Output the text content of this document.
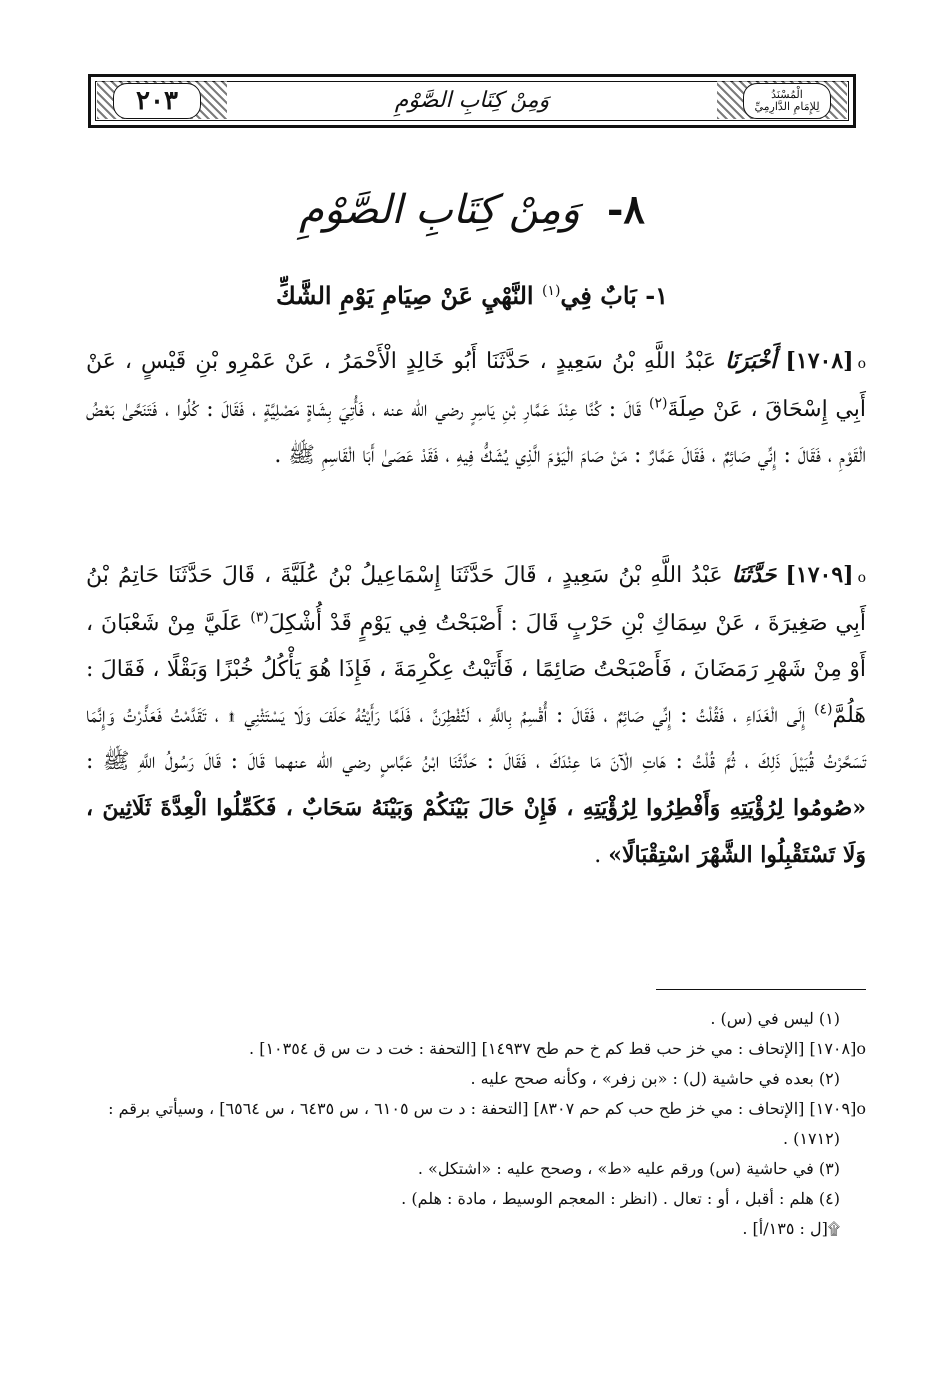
٢٠٣	الْمُسْنَدُ
لِلإِمَامِ الدَّارِمِيِّ
وَمِنْ كِتَابِ الصَّوْمِ
٨- وَمِنْ كِتَابِ الصَّوْمِ
١- بَابٌ فِي$^{(١)}$ النَّهْيِ عَنْ صِيَامِ يَوْمِ الشَّكِّ
o[١٧٠٨] أَخْبَرَنَا عَبْدُ اللَّهِ بْنُ سَعِيدٍ ، حَدَّثَنَا أَبُو خَالِدٍ الْأَحْمَرُ ، عَنْ عَمْرِو بْنِ قَيْسٍ ، عَنْ أَبِي إِسْحَاقَ ، عَنْ صِلَةَ$^{(٢)}$ قَالَ : كُنَّا عِنْدَ عَمَّارِ بْنِ يَاسِرٍ رضي الله عنه ، فَأُتِيَ بِشَاةٍ مَصْلِيَّةٍ ، فَقَالَ : كُلُوا ، فَتَنَحَّىٰ بَعْضُ الْقَوْمِ ، فَقَالَ : إِنِّي صَائِمٌ ، فَقَالَ عَمَّارٌ : مَنْ صَامَ الْيَوْمَ الَّذِي يُشَكُّ فِيهِ ، فَقَدْ عَصَىٰ أَبَا الْقَاسِمِ ﷺ .
o[١٧٠٩] حَدَّثَنَا عَبْدُ اللَّهِ بْنُ سَعِيدٍ ، قَالَ حَدَّثَنَا إِسْمَاعِيلُ بْنُ عُلَيَّةَ ، قَالَ حَدَّثَنَا حَاتِمُ بْنُ أَبِي صَغِيرَةَ ، عَنْ سِمَاكِ بْنِ حَرْبٍ قَالَ : أَصْبَحْتُ فِي يَوْمٍ قَدْ أُشْكِلَ$^{(٣)}$ عَلَيَّ مِنْ شَعْبَانَ ، أَوْ مِنْ شَهْرِ رَمَضَانَ ، فَأَصْبَحْتُ صَائِمًا ، فَأَتَيْتُ عِكْرِمَةَ ، فَإِذَا هُوَ يَأْكُلُ خُبْزًا وَبَقْلًا ، فَقَالَ : هَلُمَّ$^{(٤)}$ إِلَى الْغَدَاءِ ، فَقُلْتُ : إِنِّي صَائِمٌ ، فَقَالَ : أُقْسِمُ بِاللَّهِ ، لَتُفْطِرَنَّ ، فَلَمَّا رَأَيْتُهُ حَلَفَ وَلَا يَسْتَثْنِي ۩ ، تَقَدَّمْتُ فَعَذَّرْتُ وَإِنَّمَا تَسَحَّرْتُ قُبَيْلَ ذَلِكَ ، ثُمَّ قُلْتُ : هَاتِ الْآنَ مَا عِنْدَكَ ، فَقَالَ : حَدَّثَنَا ابْنُ عَبَّاسٍ رضي الله عنهما قَالَ : قَالَ رَسُولُ اللَّهِ ﷺ : «صُومُوا لِرُؤْيَتِهِ وَأَفْطِرُوا لِرُؤْيَتِهِ ، فَإِنْ حَالَ بَيْنَكُمْ وَبَيْنَهُ سَحَابٌ ، فَكَمِّلُوا الْعِدَّةَ ثَلَاثِينَ ، وَلَا تَسْتَقْبِلُوا الشَّهْرَ اسْتِقْبَالًا» .

(١) ليس في (س) .

o[١٧٠٨] [الإتحاف : مي خز حب قط كم خ حم طح ١٤٩٣٧] [التحفة : خت د ت س ق ١٠٣٥٤] .

(٢) بعده في حاشية (ل) : «بن زفر» ، وكأنه صحح عليه .

o[١٧٠٩] [الإتحاف : مي خز طح حب كم حم ٨٣٠٧] [التحفة : د ت س ٦١٠٥ ، س ٦٤٣٥ ، س ٦٥٦٤] ، وسيأتي برقم : (١٧١٢) .

(٣) في حاشية (س) ورقم عليه «ط» ، وصحح عليه : «اشتكل» .

(٤) هلم : أقبل ، أو : تعال . (انظر : المعجم الوسيط ، مادة : هلم) .

۩[ل : ١٣٥/أ] .
